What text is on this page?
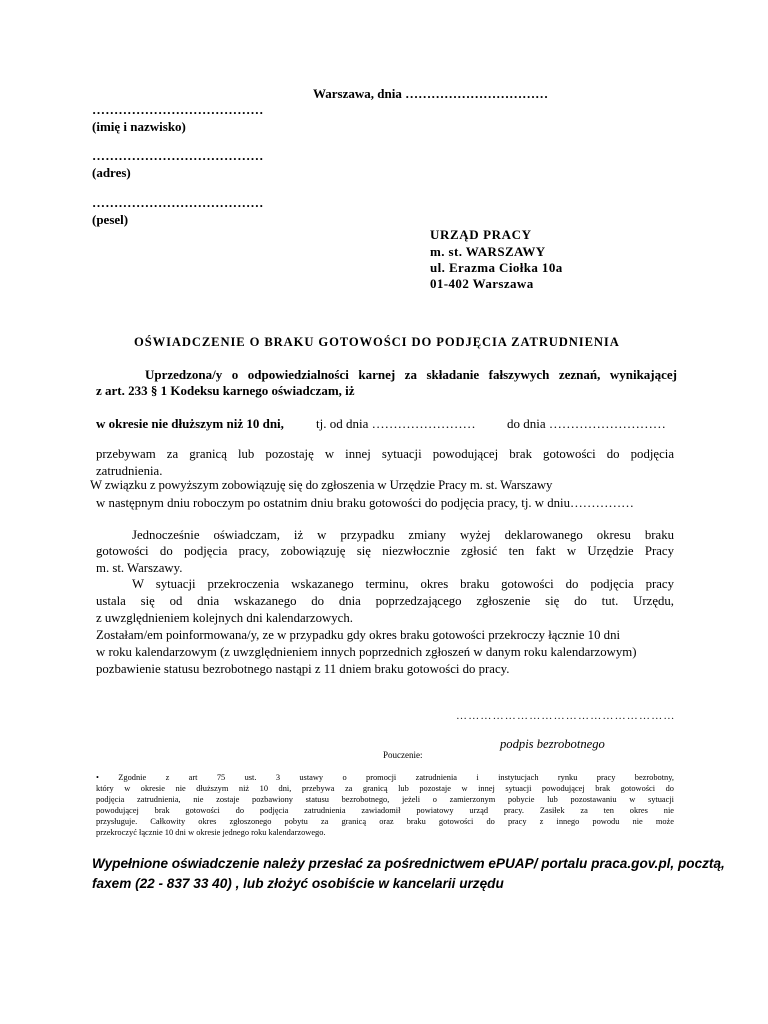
Warszawa, dnia ……………………………
…………………………………
(imię i nazwisko)
…………………………………
(adres)
…………………………………
(pesel)
URZĄD PRACY
m. st. WARSZAWY
ul. Erazma Ciołka 10a
01-402 Warszawa
OŚWIADCZENIE O BRAKU GOTOWOŚCI DO PODJĘCIA ZATRUDNIENIA
Uprzedzona/y o odpowiedzialności karnej za składanie fałszywych zeznań, wynikającej
z art. 233 § 1 Kodeksu karnego oświadczam, iż
w okresie nie dłuższym niż 10 dni, tj. od dnia …………………… do dnia ………………………
przebywam za granicą lub pozostaję w innej sytuacji powodującej brak gotowości do podjęcia
zatrudnienia.
W związku z powyższym zobowiązuję się do zgłoszenia w Urzędzie Pracy m. st. Warszawy
w następnym dniu roboczym po ostatnim dniu braku gotowości do podjęcia pracy, tj. w dniu……………
Jednocześnie oświadczam, iż w przypadku zmiany wyżej deklarowanego okresu braku
gotowości do podjęcia pracy, zobowiązuję się niezwłocznie zgłosić ten fakt w Urzędzie Pracy
m. st. Warszawy.
W sytuacji przekroczenia wskazanego terminu, okres braku gotowości do podjęcia pracy
ustala się od dnia wskazanego do dnia poprzedzającego zgłoszenie się do tut. Urzędu,
z uwzględnieniem kolejnych dni kalendarzowych.
Zostałam/em poinformowana/y, ze w przypadku gdy okres braku gotowości przekroczy łącznie 10 dni
w roku kalendarzowym (z uwzględnieniem innych poprzednich zgłoszeń w danym roku kalendarzowym)
pozbawienie statusu bezrobotnego nastąpi z 11 dniem braku gotowości do pracy.
………………………………………………
podpis bezrobotnego
Pouczenie:
• Zgodnie z art 75 ust. 3 ustawy o promocji zatrudnienia i instytucjach rynku pracy bezrobotny,
który w okresie nie dłuższym niż 10 dni, przebywa za granicą lub pozostaje w innej sytuacji powodującej brak gotowości do
podjęcia zatrudnienia, nie zostaje pozbawiony statusu bezrobotnego, jeżeli o zamierzonym pobycie lub pozostawaniu w sytuacji
powodującej brak gotowości do podjęcia zatrudnienia zawiadomił powiatowy urząd pracy. Zasiłek za ten okres nie
przysługuje. Całkowity okres zgłoszonego pobytu za granicą oraz braku gotowości do pracy z innego powodu nie może
przekroczyć łącznie 10 dni w okresie jednego roku kalendarzowego.
Wypełnione oświadczenie należy przesłać za pośrednictwem ePUAP/ portalu praca.gov.pl, pocztą,
faxem (22 - 837 33 40) , lub złożyć osobiście w kancelarii urzędu
